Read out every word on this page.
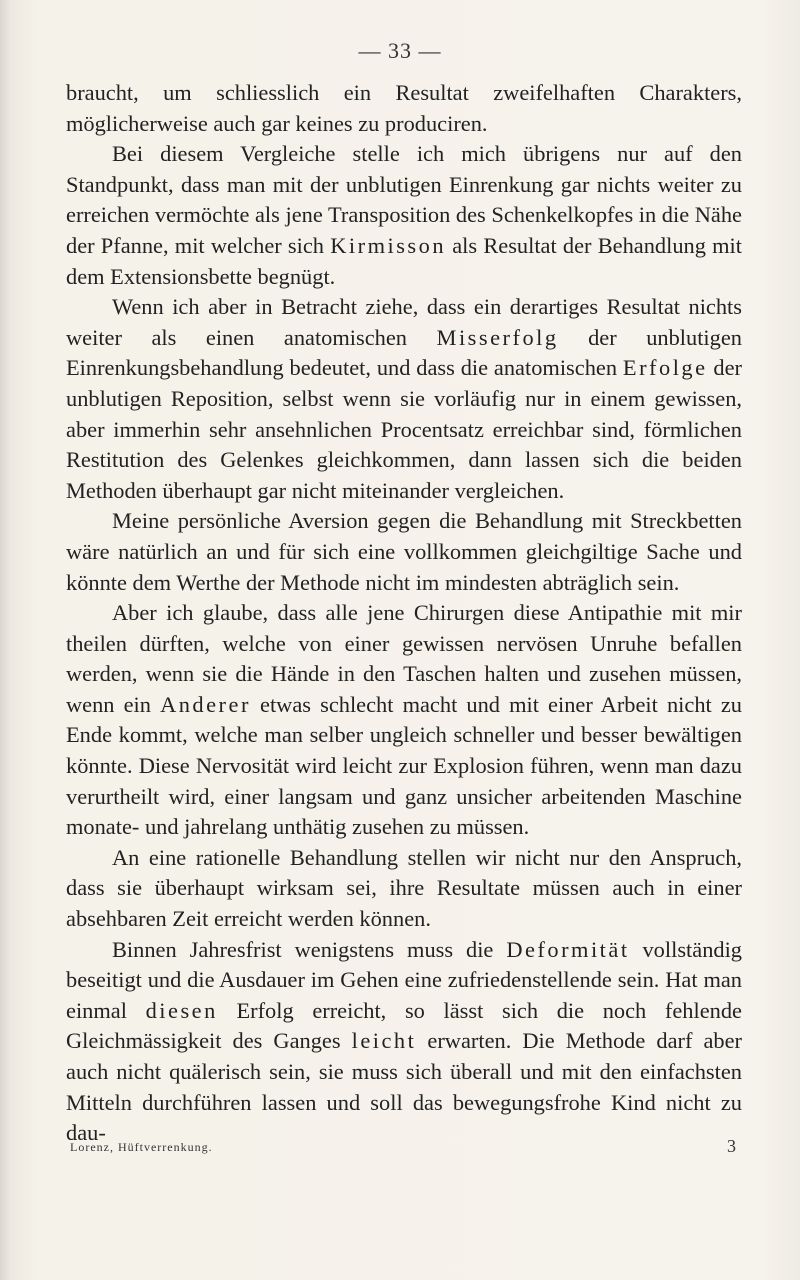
— 33 —

braucht, um schliesslich ein Resultat zweifelhaften Charakters, möglicherweise auch gar keines zu produciren.

Bei diesem Vergleiche stelle ich mich übrigens nur auf den Standpunkt, dass man mit der unblutigen Einrenkung gar nichts weiter zu erreichen vermöchte als jene Transposition des Schenkelkopfes in die Nähe der Pfanne, mit welcher sich Kirmisson als Resultat der Behandlung mit dem Extensionsbette begnügt.

Wenn ich aber in Betracht ziehe, dass ein derartiges Resultat nichts weiter als einen anatomischen Misserfolg der unblutigen Einrenkungsbehandlung bedeutet, und dass die anatomischen Erfolge der unblutigen Reposition, selbst wenn sie vorläufig nur in einem gewissen, aber immerhin sehr ansehnlichen Procentsatz erreichbar sind, förmlichen Restitution des Gelenkes gleichkommen, dann lassen sich die beiden Methoden überhaupt gar nicht miteinander vergleichen.

Meine persönliche Aversion gegen die Behandlung mit Streckbetten wäre natürlich an und für sich eine vollkommen gleichgiltige Sache und könnte dem Werthe der Methode nicht im mindesten abträglich sein.

Aber ich glaube, dass alle jene Chirurgen diese Antipathie mit mir theilen dürften, welche von einer gewissen nervösen Unruhe befallen werden, wenn sie die Hände in den Taschen halten und zusehen müssen, wenn ein Anderer etwas schlecht macht und mit einer Arbeit nicht zu Ende kommt, welche man selber ungleich schneller und besser bewältigen könnte. Diese Nervosität wird leicht zur Explosion führen, wenn man dazu verurtheilt wird, einer langsam und ganz unsicher arbeitenden Maschine monate- und jahrelang unthätig zusehen zu müssen.

An eine rationelle Behandlung stellen wir nicht nur den Anspruch, dass sie überhaupt wirksam sei, ihre Resultate müssen auch in einer absehbaren Zeit erreicht werden können.

Binnen Jahresfrist wenigstens muss die Deformität vollständig beseitigt und die Ausdauer im Gehen eine zufriedenstellende sein. Hat man einmal diesen Erfolg erreicht, so lässt sich die noch fehlende Gleichmässigkeit des Ganges leicht erwarten. Die Methode darf aber auch nicht quälerisch sein, sie muss sich überall und mit den einfachsten Mitteln durchführen lassen und soll das bewegungsfrohe Kind nicht zu dau-

Lorenz, Hüftverrenkung.	3
